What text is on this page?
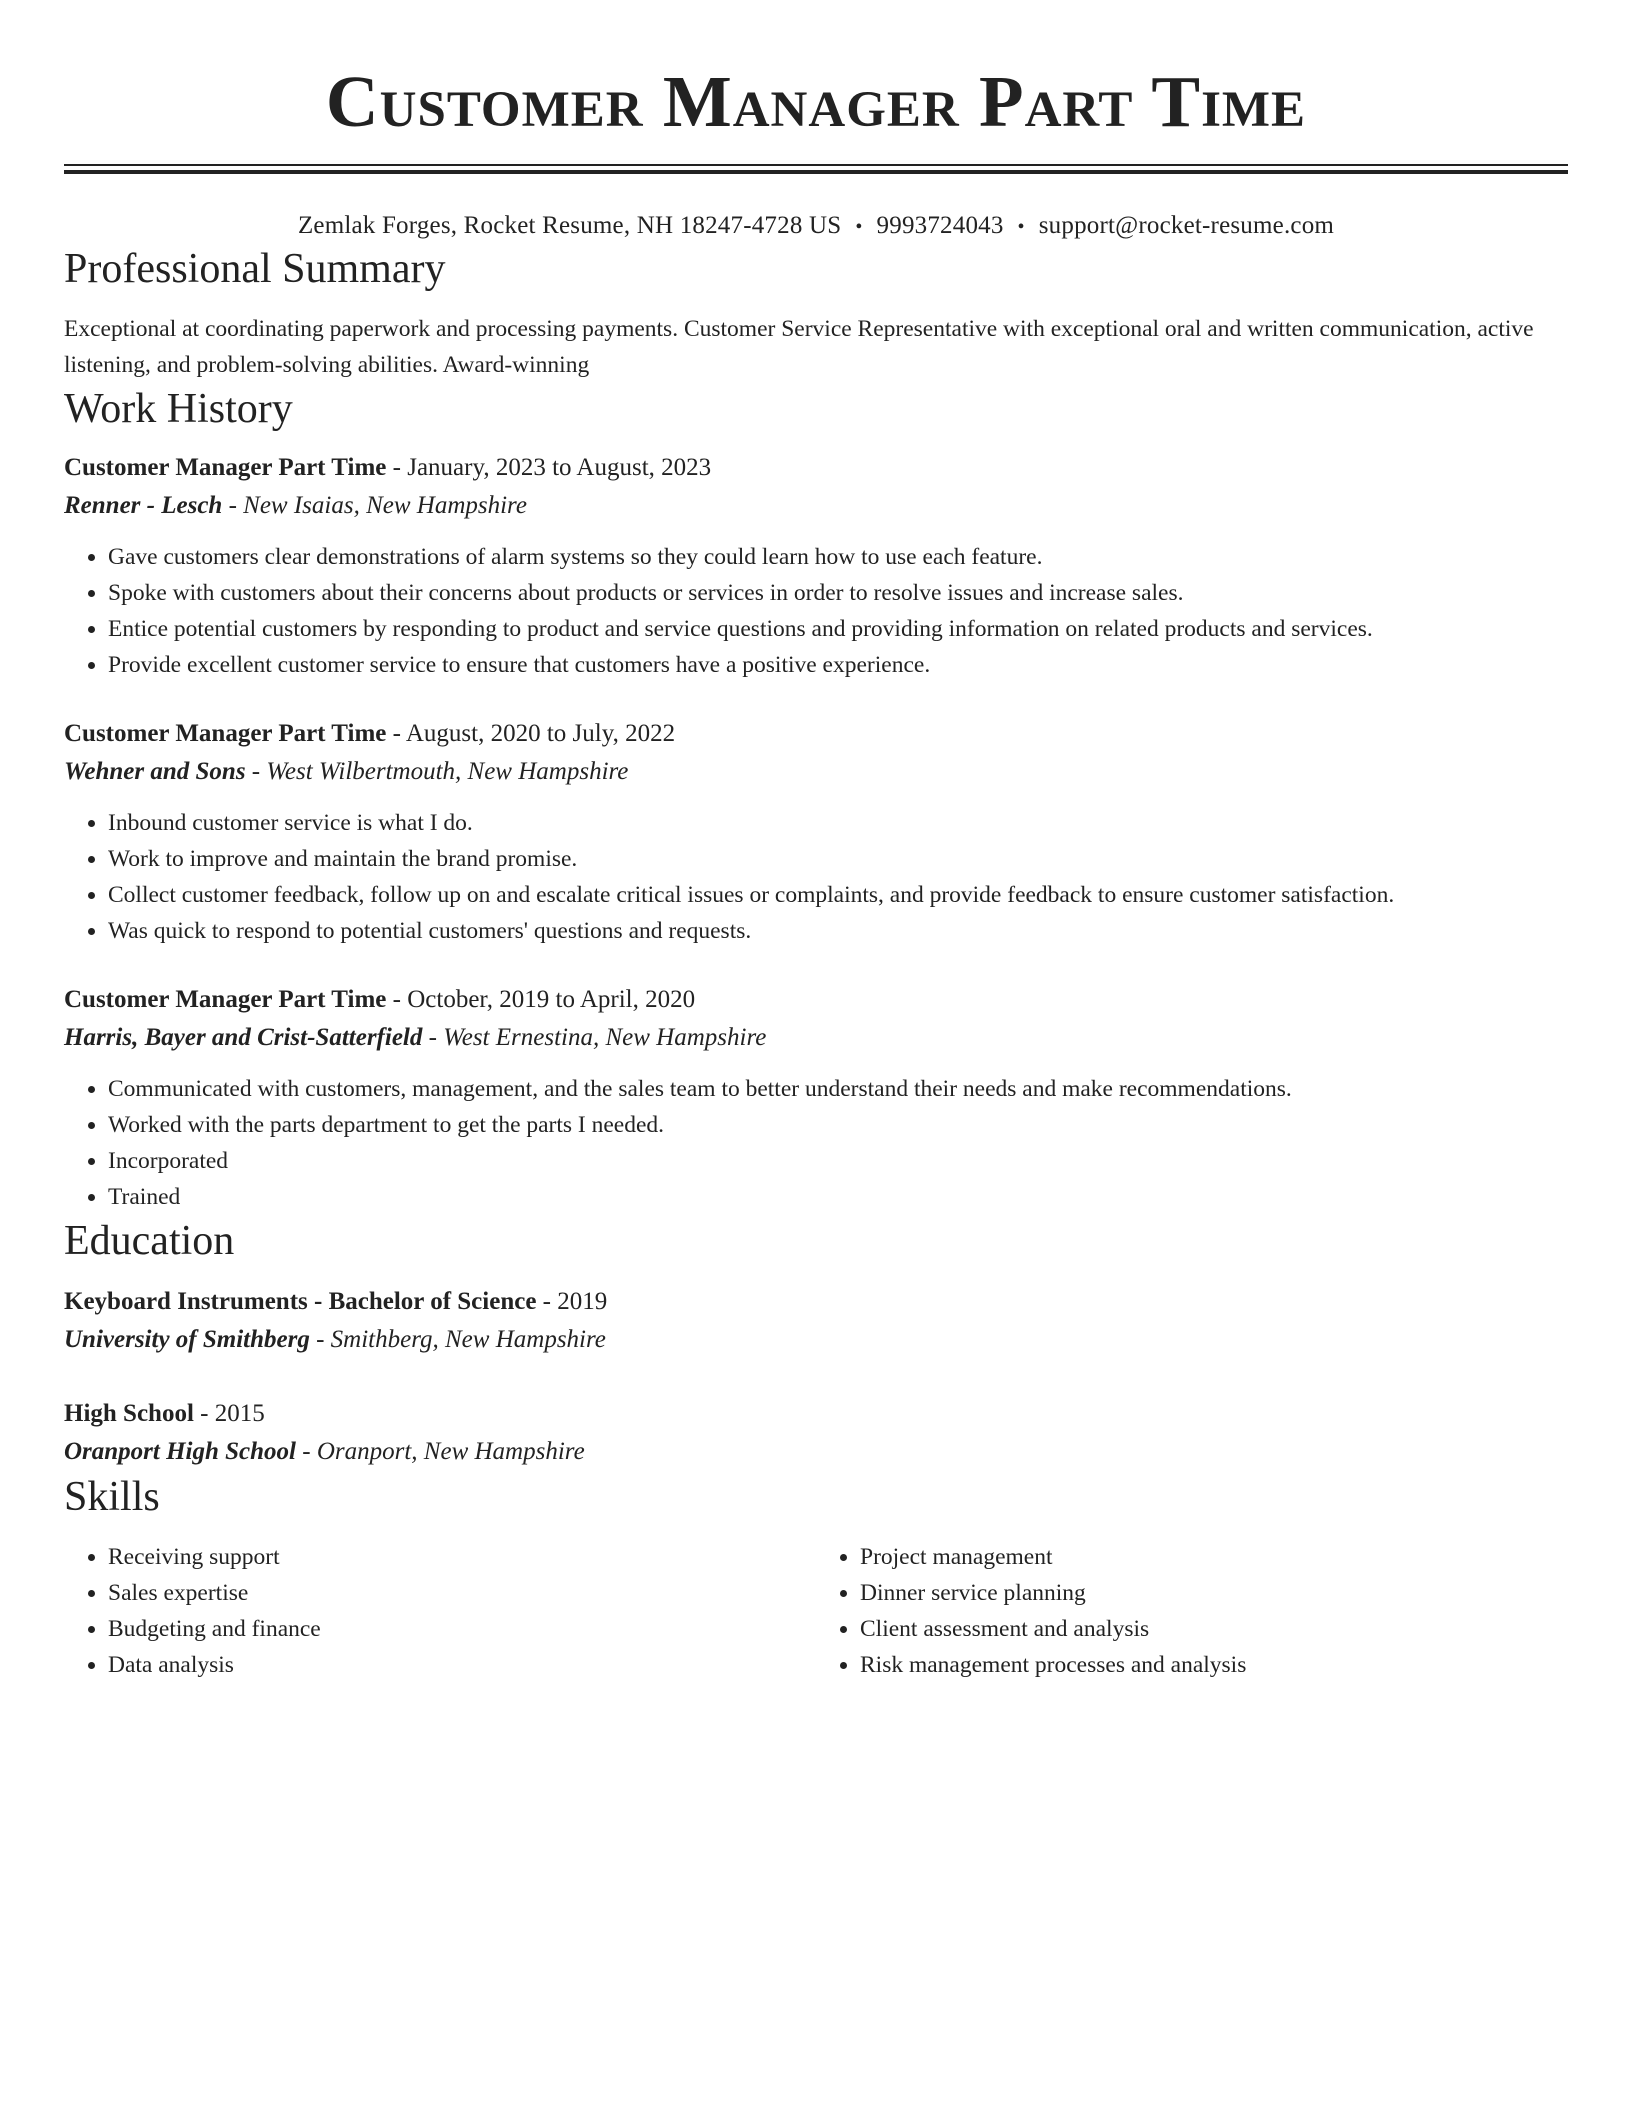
Customer Manager Part Time
Zemlak Forges, Rocket Resume, NH 18247-4728 US • 9993724043 • support@rocket-resume.com
Professional Summary
Exceptional at coordinating paperwork and processing payments. Customer Service Representative with exceptional oral and written communication, active listening, and problem-solving abilities. Award-winning
Work History
Customer Manager Part Time - January, 2023 to August, 2023
Renner - Lesch - New Isaias, New Hampshire
• Gave customers clear demonstrations of alarm systems so they could learn how to use each feature.
• Spoke with customers about their concerns about products or services in order to resolve issues and increase sales.
• Entice potential customers by responding to product and service questions and providing information on related products and services.
• Provide excellent customer service to ensure that customers have a positive experience.
Customer Manager Part Time - August, 2020 to July, 2022
Wehner and Sons - West Wilbertmouth, New Hampshire
• Inbound customer service is what I do.
• Work to improve and maintain the brand promise.
• Collect customer feedback, follow up on and escalate critical issues or complaints, and provide feedback to ensure customer satisfaction.
• Was quick to respond to potential customers' questions and requests.
Customer Manager Part Time - October, 2019 to April, 2020
Harris, Bayer and Crist-Satterfield - West Ernestina, New Hampshire
• Communicated with customers, management, and the sales team to better understand their needs and make recommendations.
• Worked with the parts department to get the parts I needed.
• Incorporated
• Trained
Education
Keyboard Instruments - Bachelor of Science - 2019
University of Smithberg - Smithberg, New Hampshire
High School - 2015
Oranport High School - Oranport, New Hampshire
Skills
• Receiving support
• Sales expertise
• Budgeting and finance
• Data analysis
• Project management
• Dinner service planning
• Client assessment and analysis
• Risk management processes and analysis
